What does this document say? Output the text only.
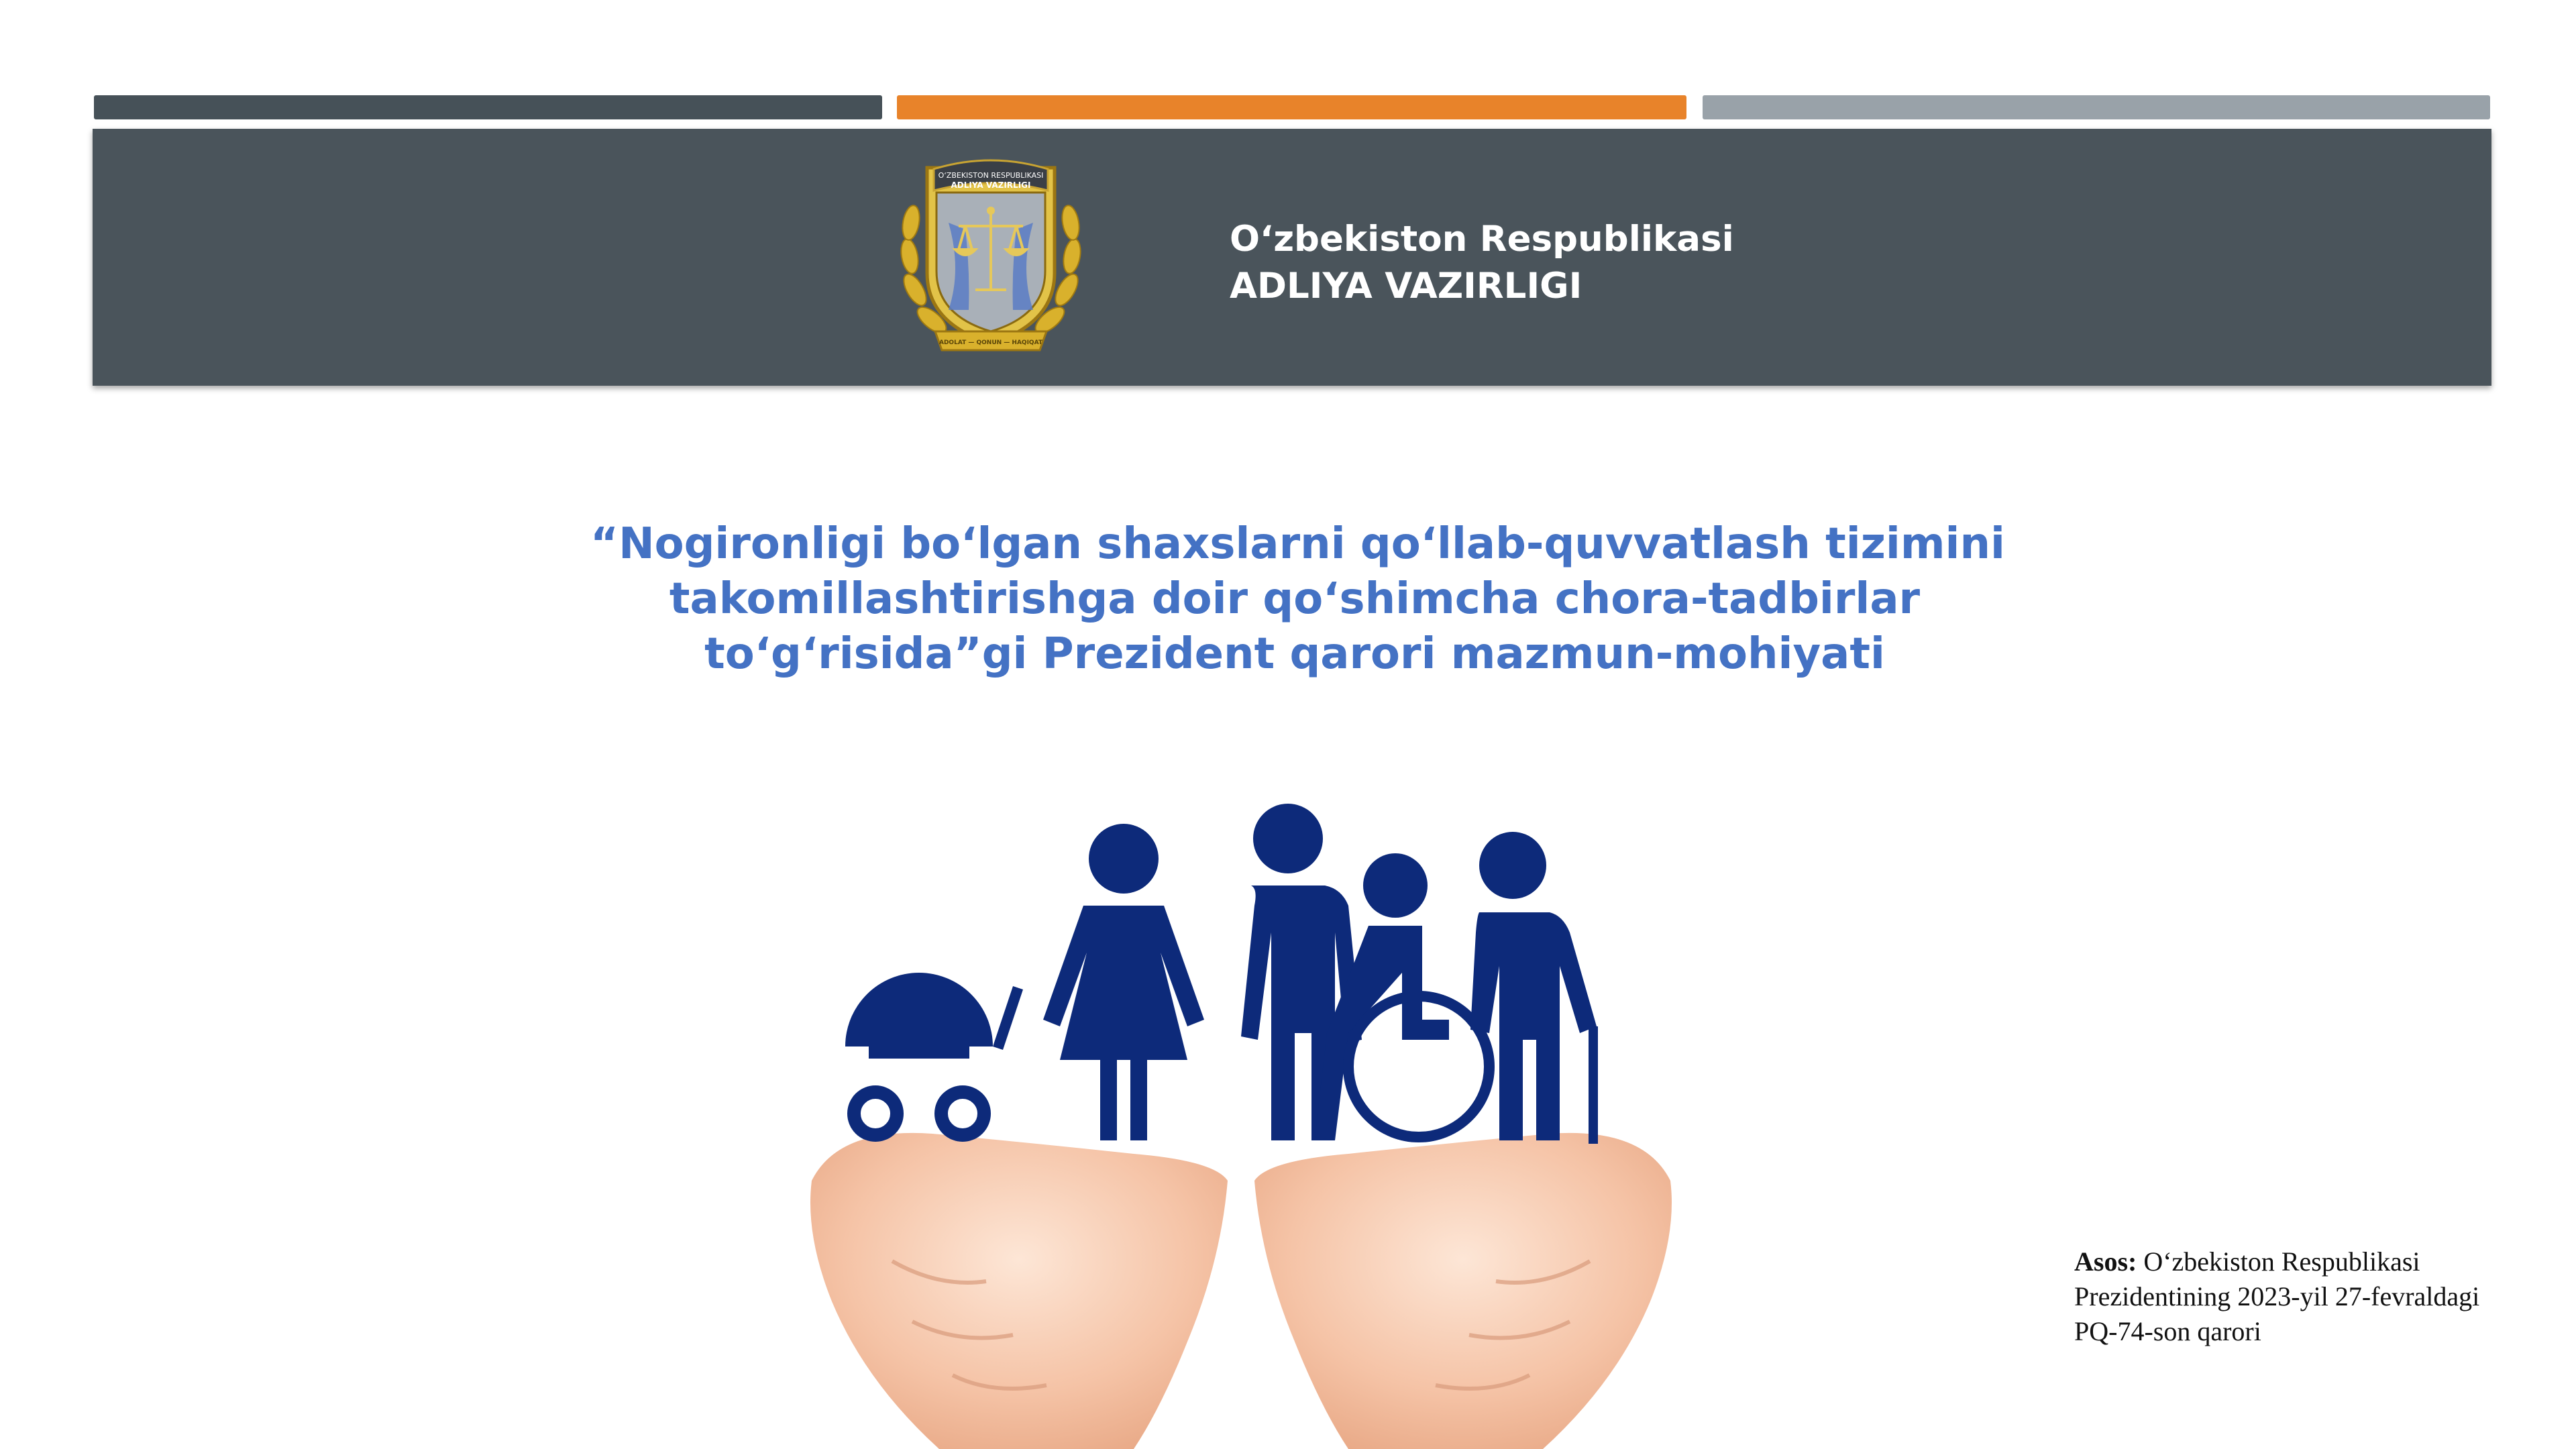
O‘ZBEKISTON RESPUBLIKASI
ADLIYA VAZIRLIGI
ADOLAT — QONUN — HAQIQAT
O‘zbekiston Respublikasi
ADLIYA VAZIRLIGI
“Nogironligi bo‘lgan shaxslarni qo‘llab-quvvatlash tizimini
takomillashtirishga doir qo‘shimcha chora-tadbirlar
to‘g‘risida”gi Prezident qarori mazmun-mohiyati
Asos: O‘zbekiston Respublikasi
Prezidentining 2023-yil 27-fevraldagi
PQ-74-son qarori
